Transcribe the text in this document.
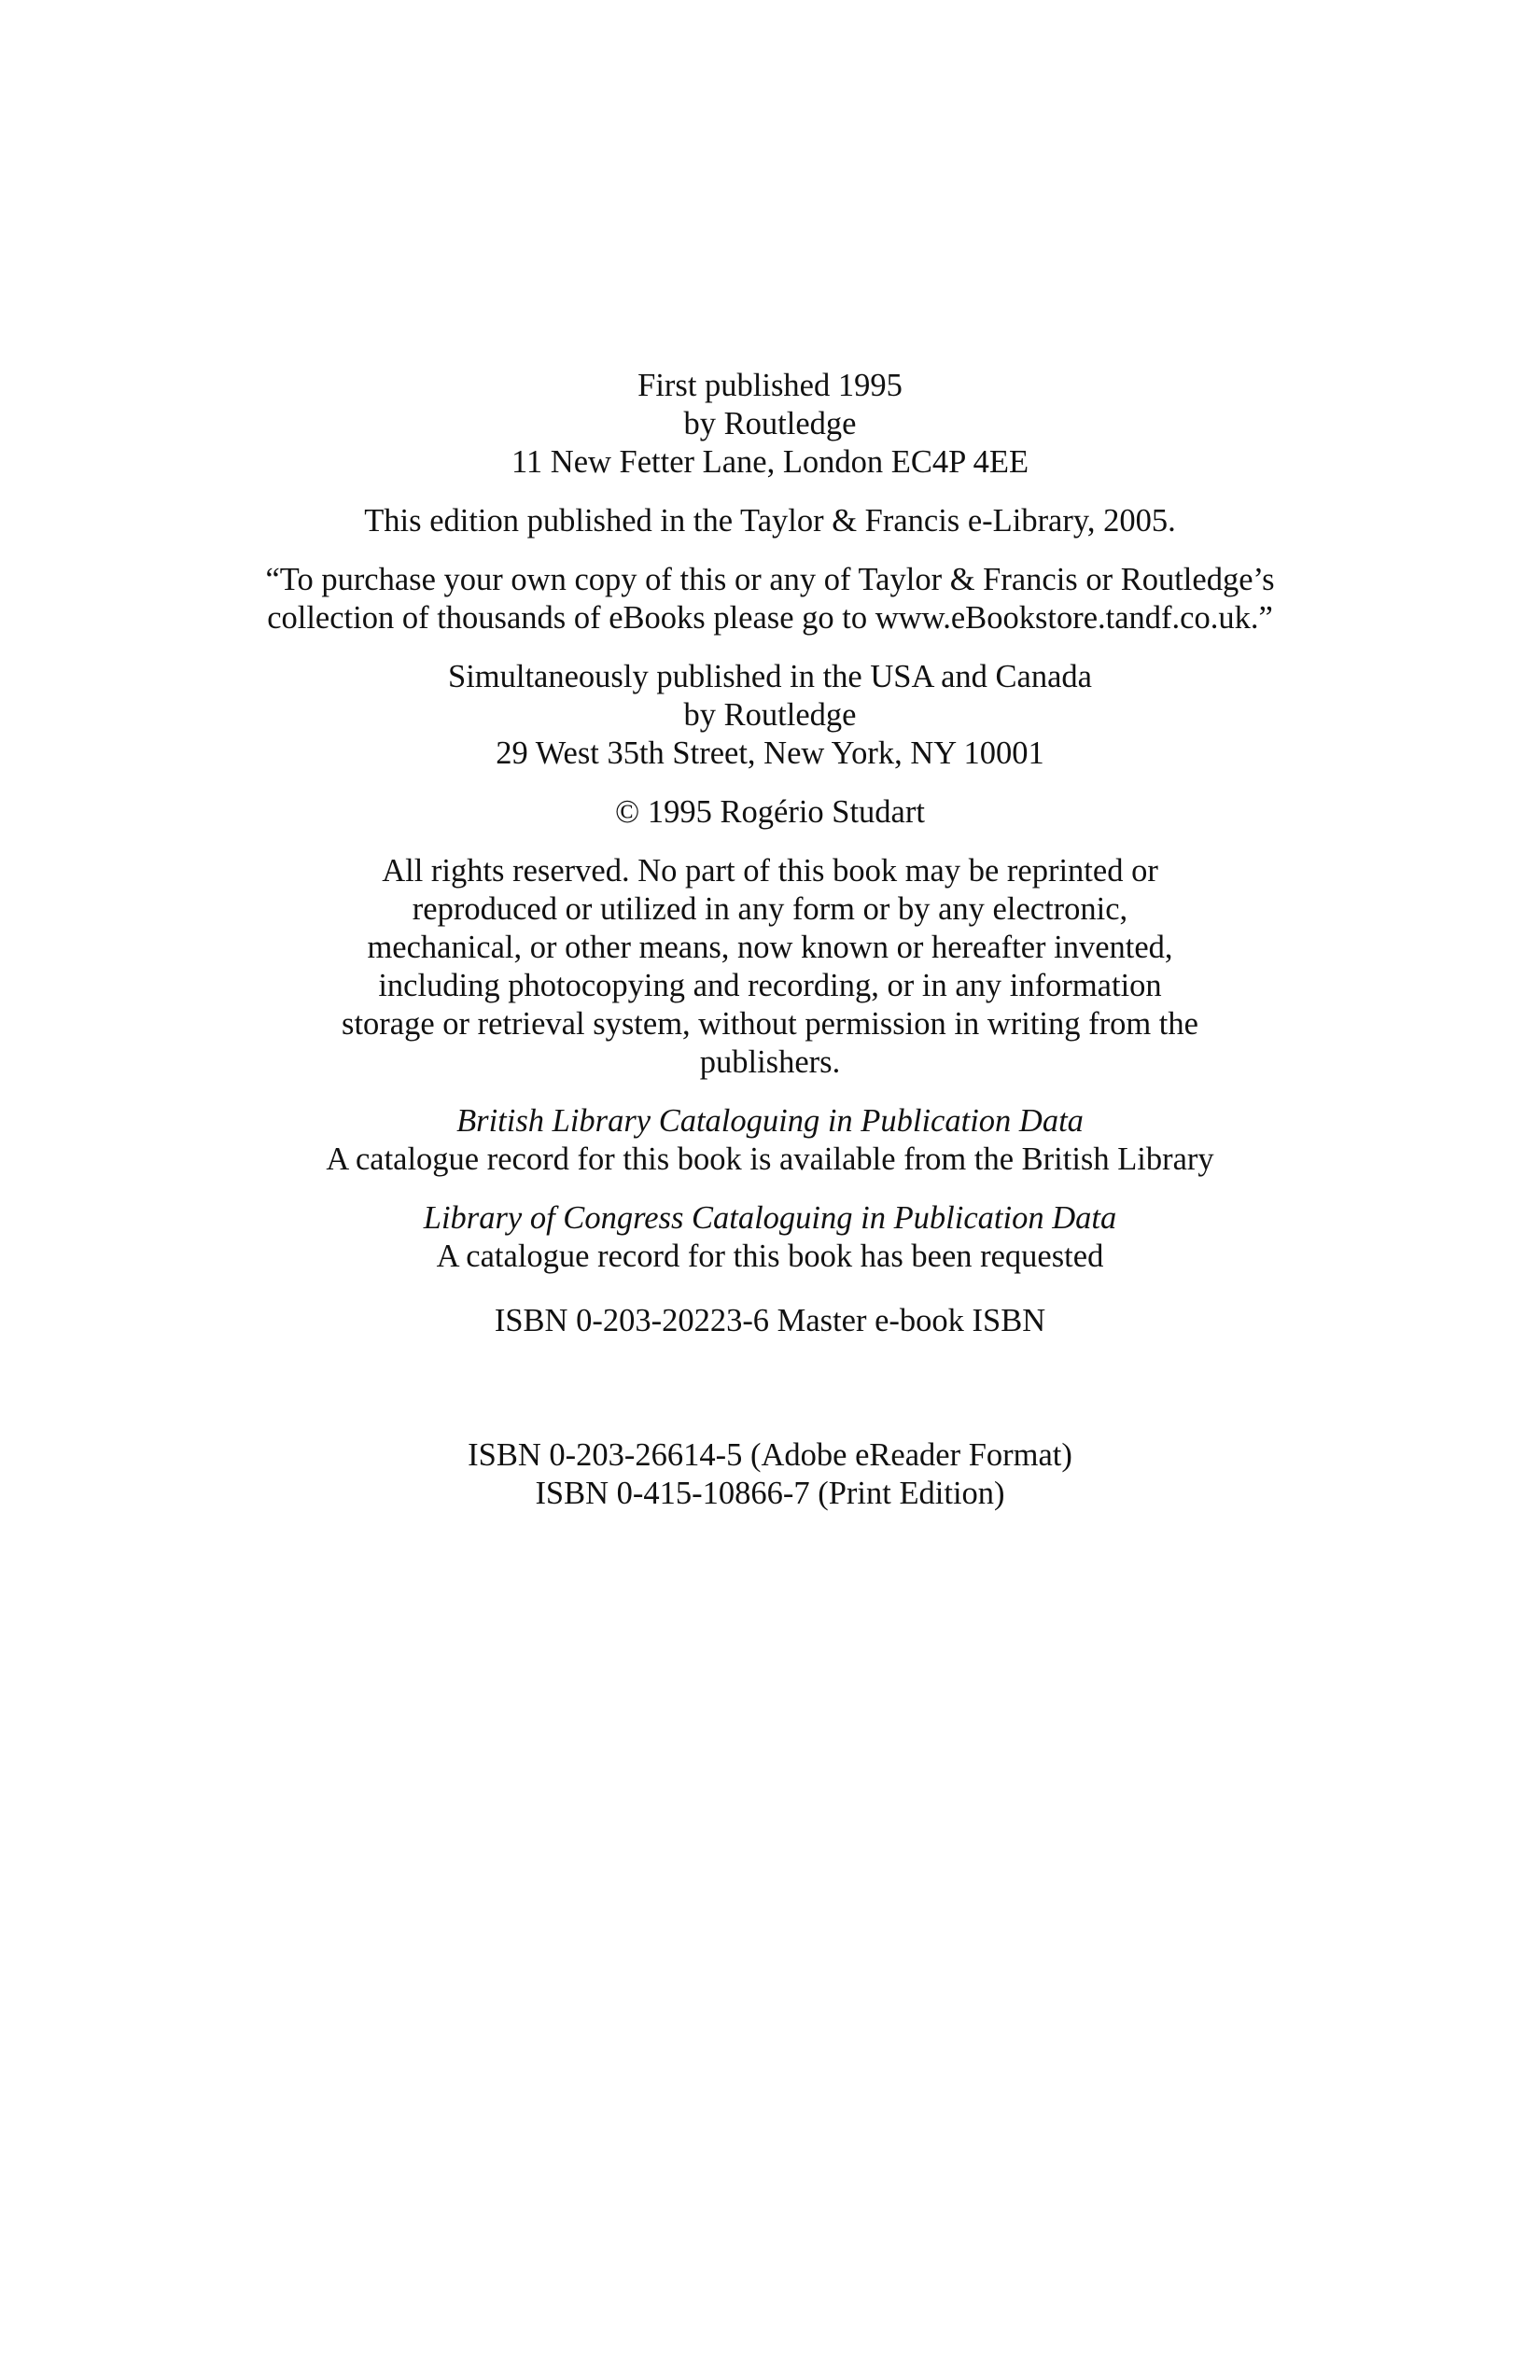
First published 1995
by Routledge
11 New Fetter Lane, London EC4P 4EE
This edition published in the Taylor & Francis e-Library, 2005.
“To purchase your own copy of this or any of Taylor & Francis or Routledge’s
collection of thousands of eBooks please go to www.eBookstore.tandf.co.uk.”
Simultaneously published in the USA and Canada
by Routledge
29 West 35th Street, New York, NY 10001
© 1995 Rogério Studart
All rights reserved. No part of this book may be reprinted or
reproduced or utilized in any form or by any electronic,
mechanical, or other means, now known or hereafter invented,
including photocopying and recording, or in any information
storage or retrieval system, without permission in writing from the
publishers.
British Library Cataloguing in Publication Data
A catalogue record for this book is available from the British Library
Library of Congress Cataloguing in Publication Data
A catalogue record for this book has been requested
ISBN 0-203-20223-6 Master e-book ISBN
ISBN 0-203-26614-5 (Adobe eReader Format)
ISBN 0-415-10866-7 (Print Edition)
